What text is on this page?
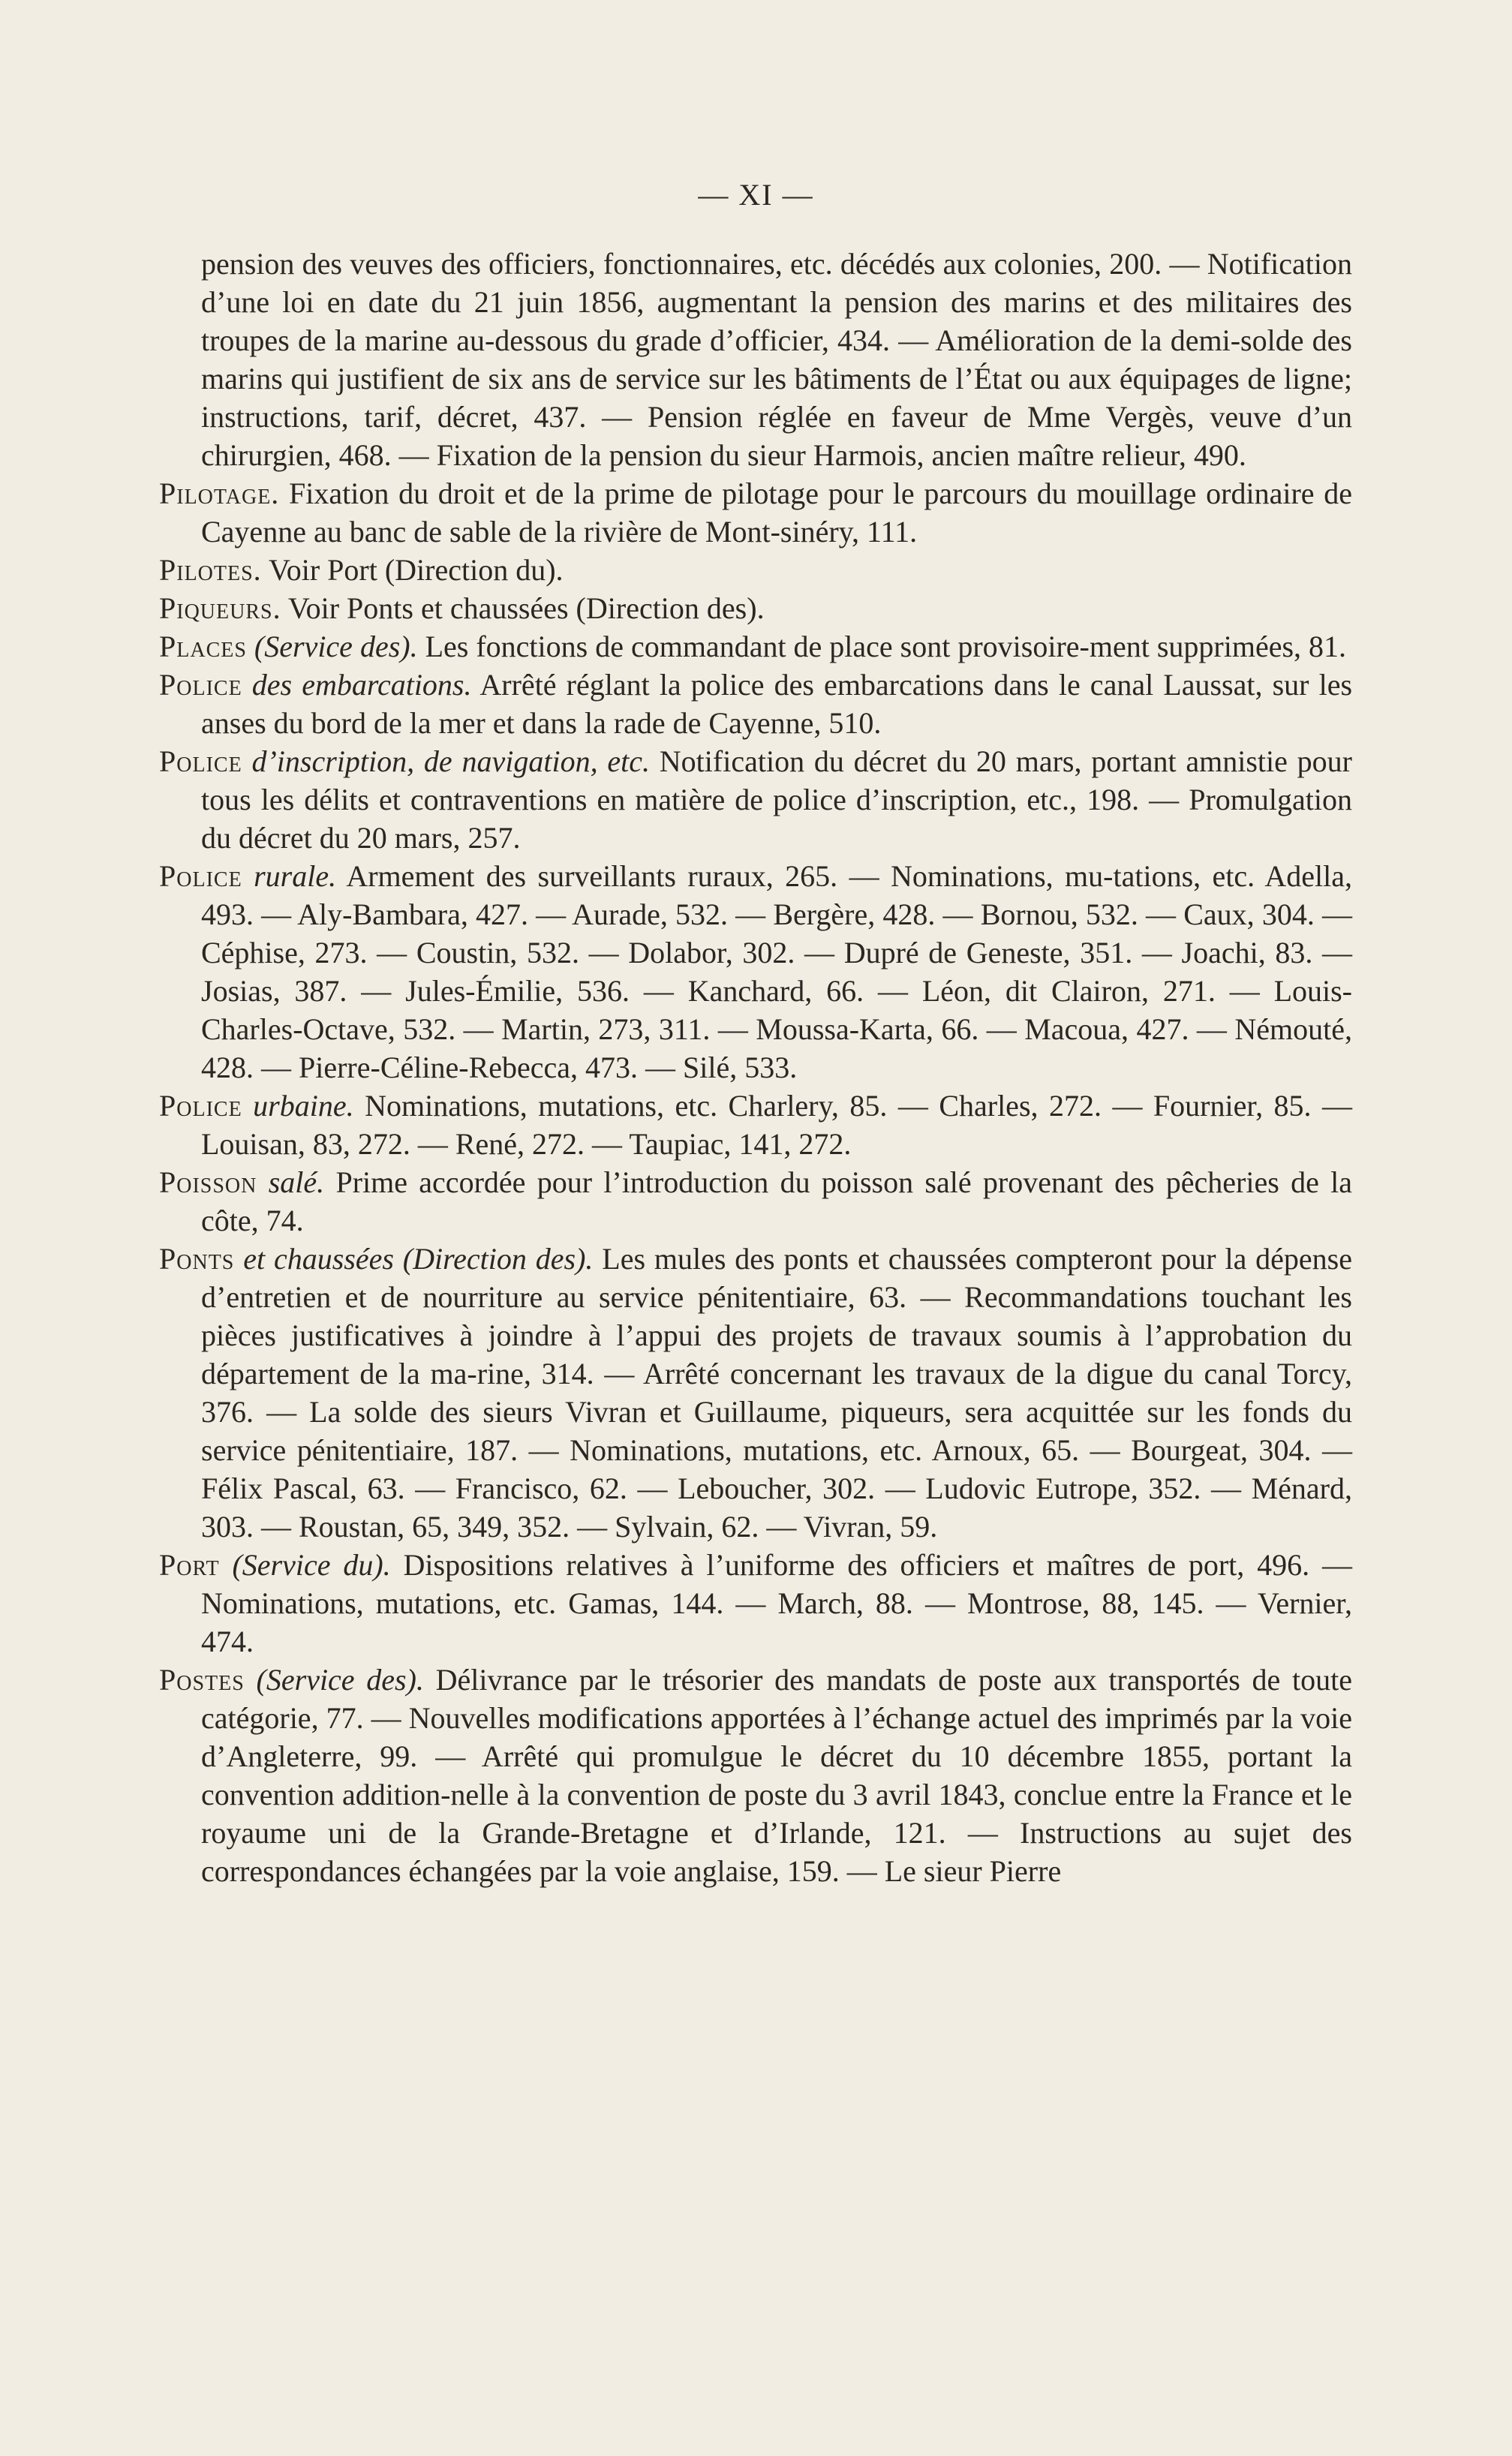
— XI —

pension des veuves des officiers, fonctionnaires, etc. décédés aux colonies, 200. — Notification d’une loi en date du 21 juin 1856, augmentant la pension des marins et des militaires des troupes de la marine au-dessous du grade d’officier, 434. — Amélioration de la demi-solde des marins qui justifient de six ans de service sur les bâtiments de l’État ou aux équipages de ligne; instructions, tarif, décret, 437. — Pension réglée en faveur de Mme Vergès, veuve d’un chirurgien, 468. — Fixation de la pension du sieur Harmois, ancien maître relieur, 490.

Pilotage. Fixation du droit et de la prime de pilotage pour le parcours du mouillage ordinaire de Cayenne au banc de sable de la rivière de Mont-sinéry, 111.

Pilotes. Voir Port (Direction du).

Piqueurs. Voir Ponts et chaussées (Direction des).

Places (Service des). Les fonctions de commandant de place sont provisoire-ment supprimées, 81.

Police des embarcations. Arrêté réglant la police des embarcations dans le canal Laussat, sur les anses du bord de la mer et dans la rade de Cayenne, 510.

Police d’inscription, de navigation, etc. Notification du décret du 20 mars, portant amnistie pour tous les délits et contraventions en matière de police d’inscription, etc., 198. — Promulgation du décret du 20 mars, 257.

Police rurale. Armement des surveillants ruraux, 265. — Nominations, mu-tations, etc. Adella, 493. — Aly-Bambara, 427. — Aurade, 532. — Bergère, 428. — Bornou, 532. — Caux, 304. — Céphise, 273. — Coustin, 532. — Dolabor, 302. — Dupré de Geneste, 351. — Joachi, 83. — Josias, 387. — Jules-Émilie, 536. — Kanchard, 66. — Léon, dit Clairon, 271. — Louis-Charles-Octave, 532. — Martin, 273, 311. — Moussa-Karta, 66. — Macoua, 427. — Némouté, 428. — Pierre-Céline-Rebecca, 473. — Silé, 533.

Police urbaine. Nominations, mutations, etc. Charlery, 85. — Charles, 272. — Fournier, 85. — Louisan, 83, 272. — René, 272. — Taupiac, 141, 272.

Poisson salé. Prime accordée pour l’introduction du poisson salé provenant des pêcheries de la côte, 74.

Ponts et chaussées (Direction des). Les mules des ponts et chaussées compteront pour la dépense d’entretien et de nourriture au service pénitentiaire, 63. — Recommandations touchant les pièces justificatives à joindre à l’appui des projets de travaux soumis à l’approbation du département de la ma-rine, 314. — Arrêté concernant les travaux de la digue du canal Torcy, 376. — La solde des sieurs Vivran et Guillaume, piqueurs, sera acquittée sur les fonds du service pénitentiaire, 187. — Nominations, mutations, etc. Arnoux, 65. — Bourgeat, 304. — Félix Pascal, 63. — Francisco, 62. — Leboucher, 302. — Ludovic Eutrope, 352. — Ménard, 303. — Roustan, 65, 349, 352. — Sylvain, 62. — Vivran, 59.

Port (Service du). Dispositions relatives à l’uniforme des officiers et maîtres de port, 496. — Nominations, mutations, etc. Gamas, 144. — March, 88. — Montrose, 88, 145. — Vernier, 474.

Postes (Service des). Délivrance par le trésorier des mandats de poste aux transportés de toute catégorie, 77. — Nouvelles modifications apportées à l’échange actuel des imprimés par la voie d’Angleterre, 99. — Arrêté qui promulgue le décret du 10 décembre 1855, portant la convention addition-nelle à la convention de poste du 3 avril 1843, conclue entre la France et le royaume uni de la Grande-Bretagne et d’Irlande, 121. — Instructions au sujet des correspondances échangées par la voie anglaise, 159. — Le sieur Pierre
